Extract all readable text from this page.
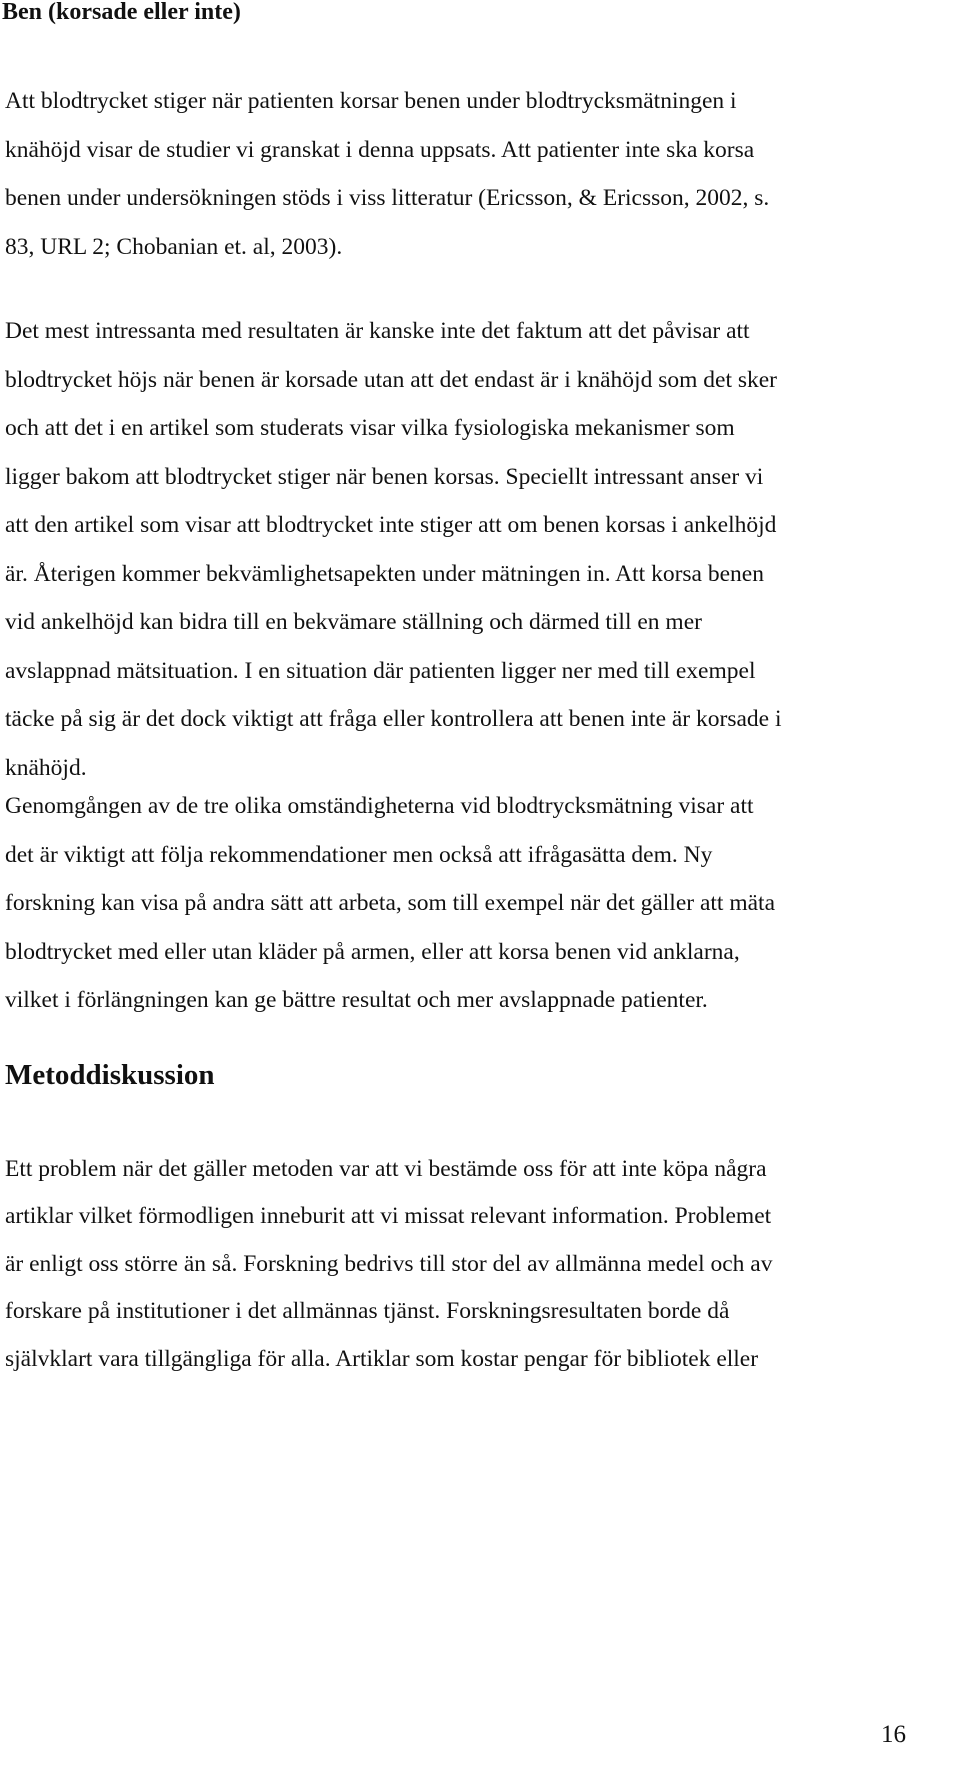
Ben (korsade eller inte)

Att blodtrycket stiger när patienten korsar benen under blodtrycksmätningen i
knähöjd visar de studier vi granskat i denna uppsats. Att patienter inte ska korsa
benen under undersökningen stöds i viss litteratur (Ericsson, & Ericsson, 2002, s.
83, URL 2; Chobanian et. al, 2003).

Det mest intressanta med resultaten är kanske inte det faktum att det påvisar att
blodtrycket höjs när benen är korsade utan att det endast är i knähöjd som det sker
och att det i en artikel som studerats visar vilka fysiologiska mekanismer som
ligger bakom att blodtrycket stiger när benen korsas. Speciellt intressant anser vi
att den artikel som visar att blodtrycket inte stiger att om benen korsas i ankelhöjd
är. Återigen kommer bekvämlighetsapekten under mätningen in. Att korsa benen
vid ankelhöjd kan bidra till en bekvämare ställning och därmed till en mer
avslappnad mätsituation. I en situation där patienten ligger ner med till exempel
täcke på sig är det dock viktigt att fråga eller kontrollera att benen inte är korsade i
knähöjd.

Genomgången av de tre olika omständigheterna vid blodtrycksmätning visar att
det är viktigt att följa rekommendationer men också att ifrågasätta dem. Ny
forskning kan visa på andra sätt att arbeta, som till exempel när det gäller att mäta
blodtrycket med eller utan kläder på armen, eller att korsa benen vid anklarna,
vilket i förlängningen kan ge bättre resultat och mer avslappnade patienter.

Metoddiskussion

Ett problem när det gäller metoden var att vi bestämde oss för att inte köpa några
artiklar vilket förmodligen inneburit att vi missat relevant information. Problemet
är enligt oss större än så. Forskning bedrivs till stor del av allmänna medel och av
forskare på institutioner i det allmännas tjänst. Forskningsresultaten borde då
självklart vara tillgängliga för alla. Artiklar som kostar pengar för bibliotek eller

16
